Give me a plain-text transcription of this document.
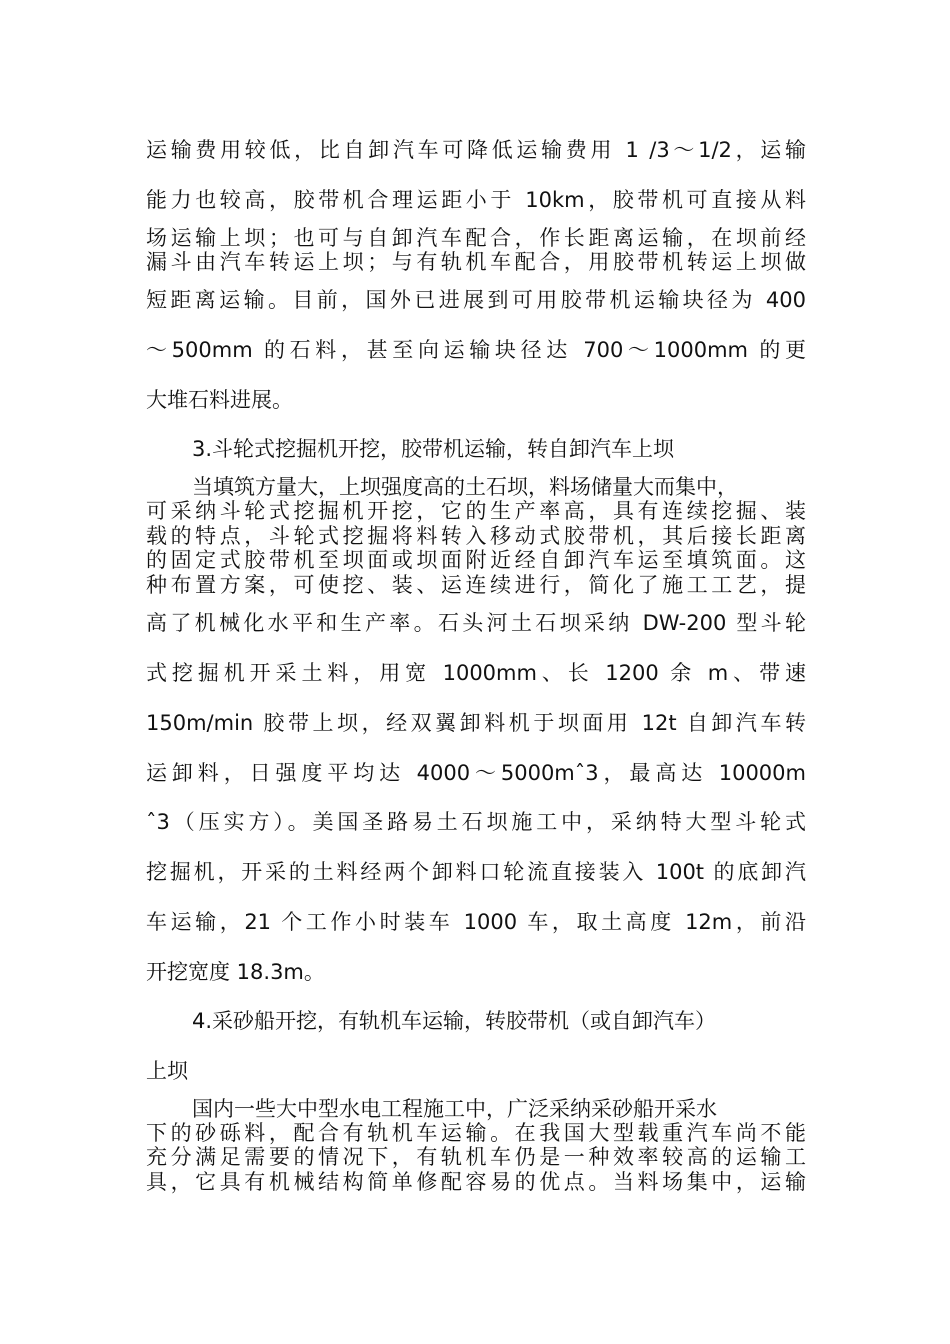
运输费用较低，比自卸汽车可降低运输费用 1 /3～1/2，运输
能力也较高，胶带机合理运距小于 10km，胶带机可直接从料
场运输上坝；也可与自卸汽车配合，作长距离运输，在坝前经
漏斗由汽车转运上坝；与有轨机车配合，用胶带机转运上坝做
短距离运输。目前，国外已进展到可用胶带机运输块径为 400
～500mm 的石料，甚至向运输块径达 700～1000mm 的更
大堆石料进展。
3.斗轮式挖掘机开挖，胶带机运输，转自卸汽车上坝
当填筑方量大，上坝强度高的土石坝，料场储量大而集中，
可采纳斗轮式挖掘机开挖，它的生产率高，具有连续挖掘、装
载的特点，斗轮式挖掘将料转入移动式胶带机，其后接长距离
的固定式胶带机至坝面或坝面附近经自卸汽车运至填筑面。这
种布置方案，可使挖、装、运连续进行，简化了施工工艺，提
高了机械化水平和生产率。石头河土石坝采纳 DW-200 型斗轮
式挖掘机开采土料，用宽 1000mm、长 1200 余 m、带速
150m/min 胶带上坝，经双翼卸料机于坝面用 12t 自卸汽车转
运卸料，日强度平均达 4000～5000mˆ3，最高达 10000m
ˆ3（压实方）。美国圣路易土石坝施工中，采纳特大型斗轮式
挖掘机，开采的土料经两个卸料口轮流直接装入 100t 的底卸汽
车运输，21 个工作小时装车 1000 车，取土高度 12m，前沿
开挖宽度 18.3m。
4.采砂船开挖，有轨机车运输，转胶带机（或自卸汽车）
上坝
国内一些大中型水电工程施工中，广泛采纳采砂船开采水
下的砂砾料，配合有轨机车运输。在我国大型载重汽车尚不能
充分满足需要的情况下，有轨机车仍是一种效率较高的运输工
具，它具有机械结构简单修配容易的优点。当料场集中，运输
